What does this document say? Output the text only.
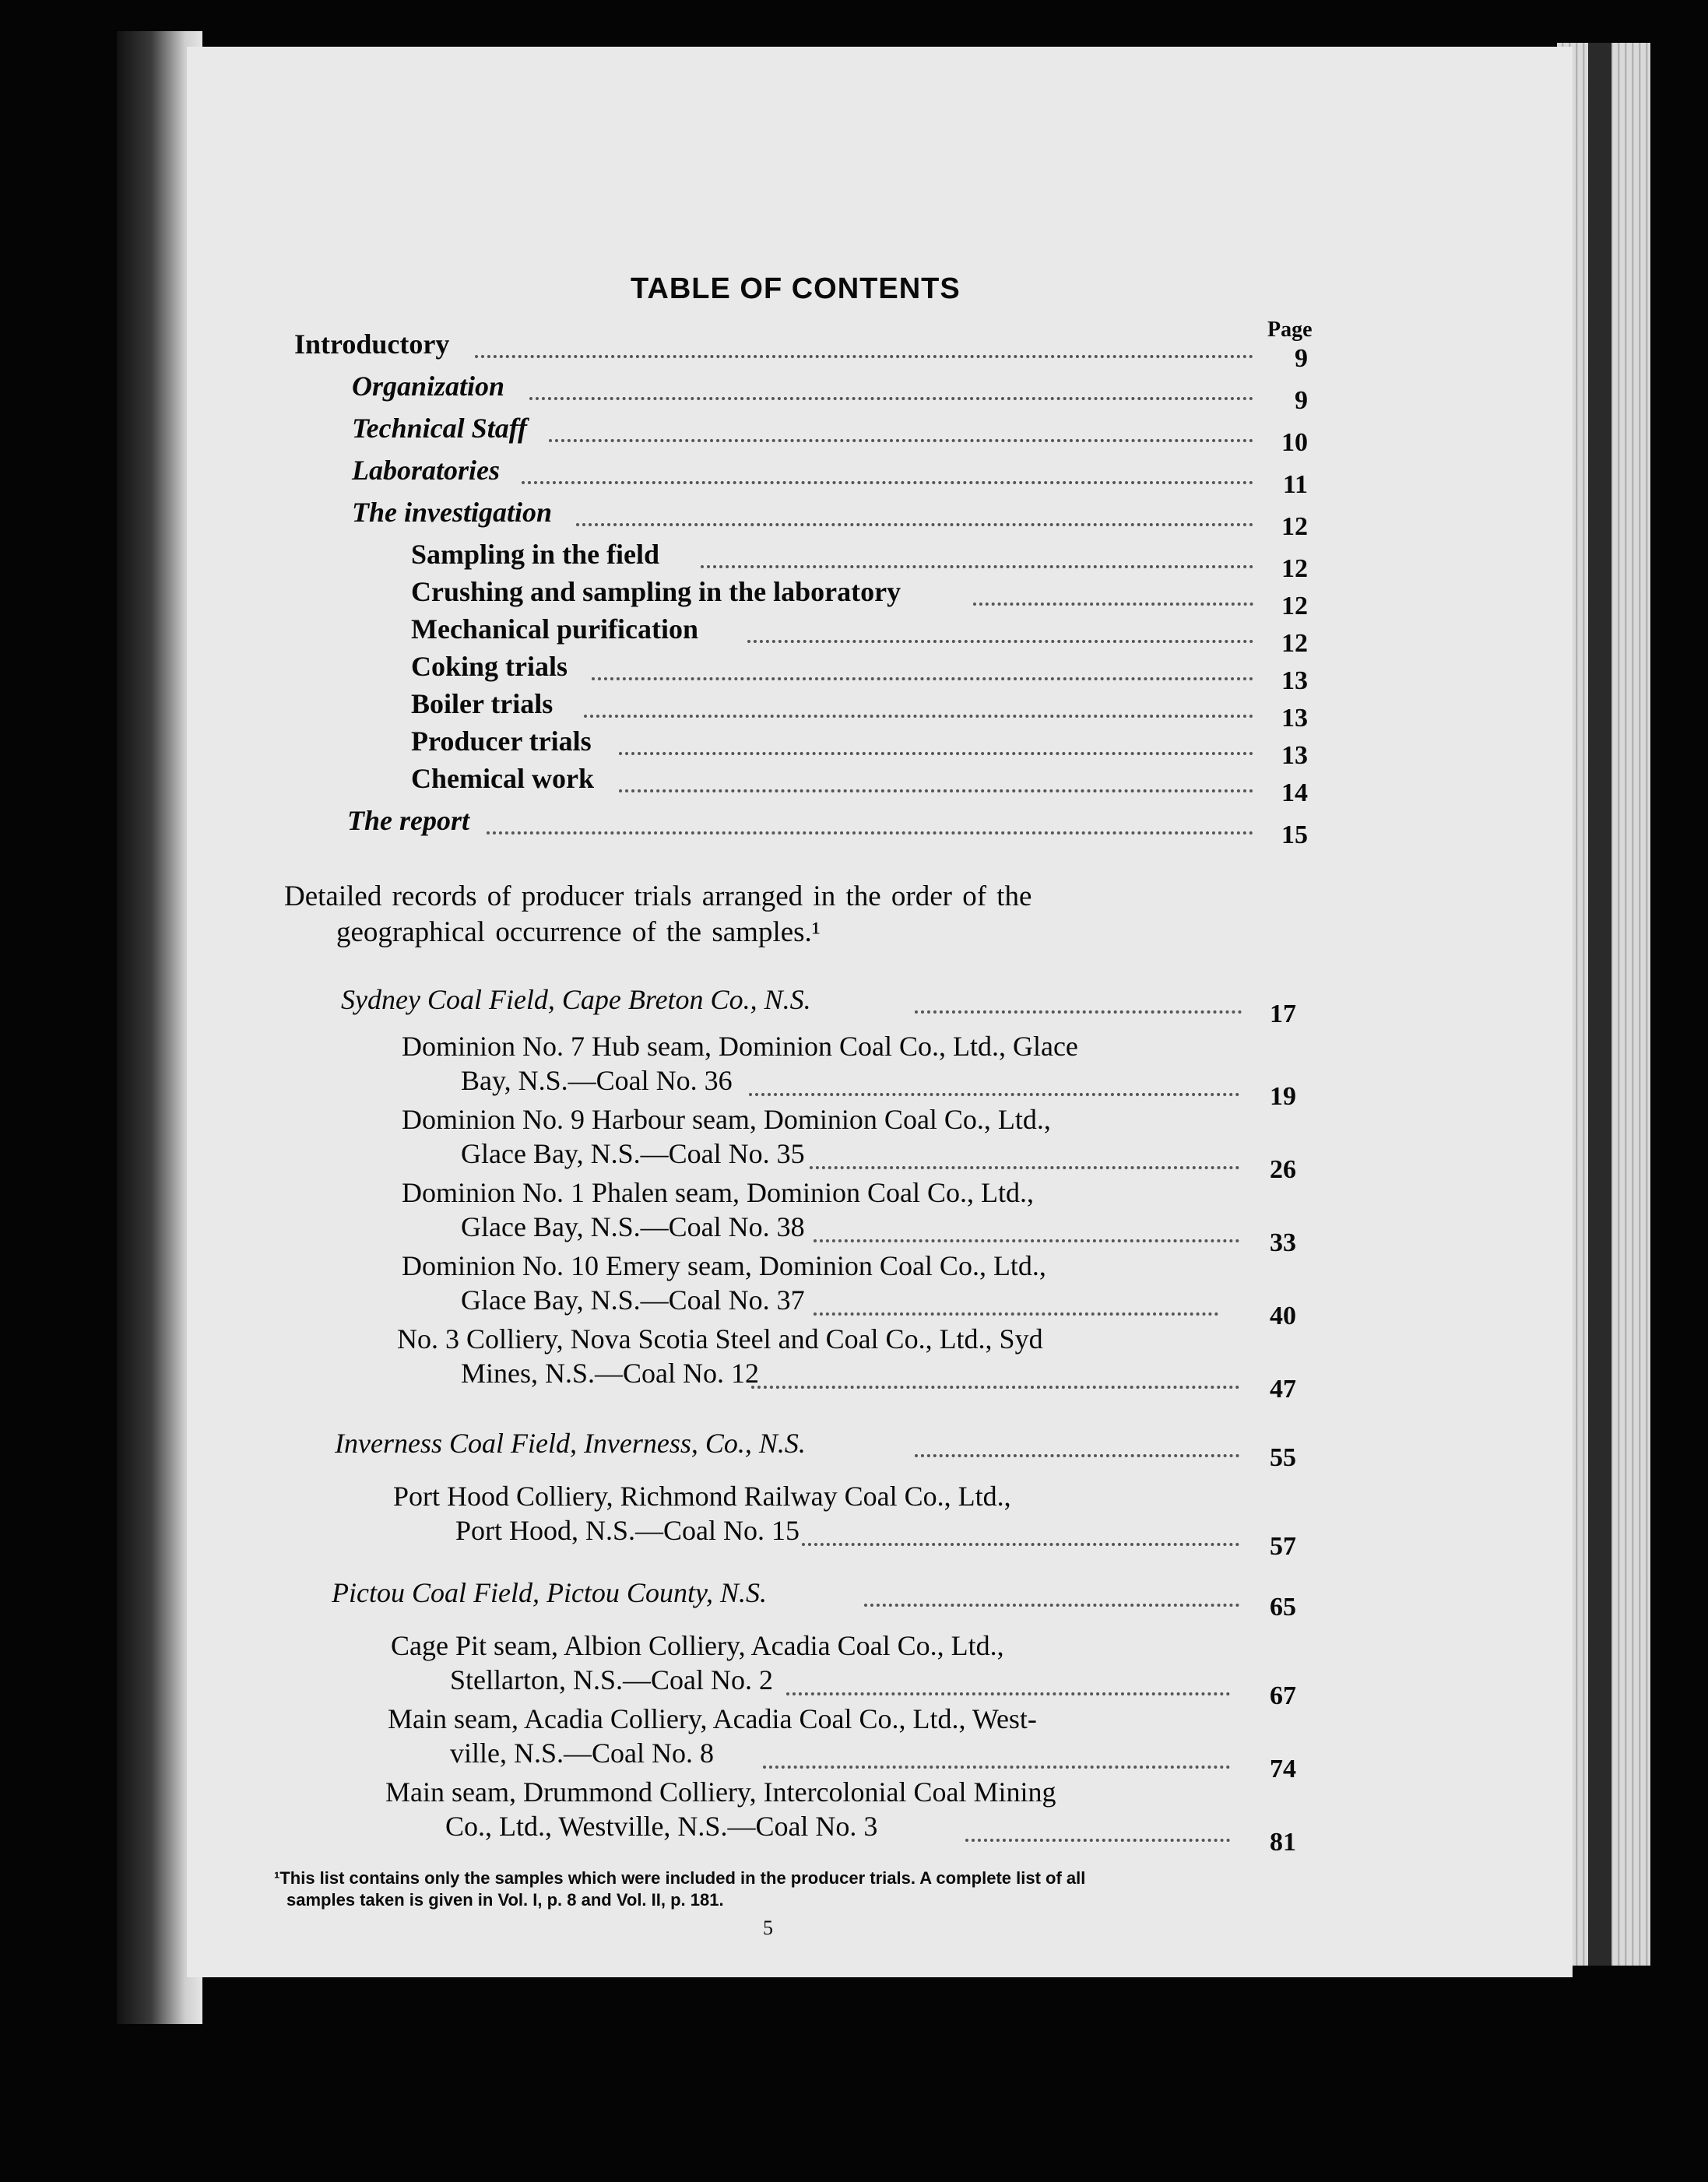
TABLE OF CONTENTS
Page
Introductory	9
Organization	9
Technical Staff	10
Laboratories	11
The investigation	12
Sampling in the field	12
Crushing and sampling in the laboratory	12
Mechanical purification	12
Coking trials	13
Boiler trials	13
Producer trials	13
Chemical work	14
The report	15
Detailed records of producer trials arranged in the order of the
geographical occurrence of the samples.¹
Sydney Coal Field, Cape Breton Co., N.S.	17
Dominion No. 7 Hub seam, Dominion Coal Co., Ltd., Glace
Bay, N.S.—Coal No. 36
19
Dominion No. 9 Harbour seam, Dominion Coal Co., Ltd.,
Glace Bay, N.S.—Coal No. 35
26
Dominion No. 1 Phalen seam, Dominion Coal Co., Ltd.,
Glace Bay, N.S.—Coal No. 38
33
Dominion No. 10 Emery seam, Dominion Coal Co., Ltd.,
Glace Bay, N.S.—Coal No. 37
40
No. 3 Colliery, Nova Scotia Steel and Coal Co., Ltd., Syd
Mines, N.S.—Coal No. 12
47
Inverness Coal Field, Inverness, Co., N.S.	55
Port Hood Colliery, Richmond Railway Coal Co., Ltd.,
Port Hood, N.S.—Coal No. 15
57
Pictou Coal Field, Pictou County, N.S.	65
Cage Pit seam, Albion Colliery, Acadia Coal Co., Ltd.,
Stellarton, N.S.—Coal No. 2
67
Main seam, Acadia Colliery, Acadia Coal Co., Ltd., West-
ville, N.S.—Coal No. 8
74
Main seam, Drummond Colliery, Intercolonial Coal Mining
Co., Ltd., Westville, N.S.—Coal No. 3
81
¹This list contains only the samples which were included in the producer trials. A complete list of all
samples taken is given in Vol. I, p. 8 and Vol. II, p. 181.
5
